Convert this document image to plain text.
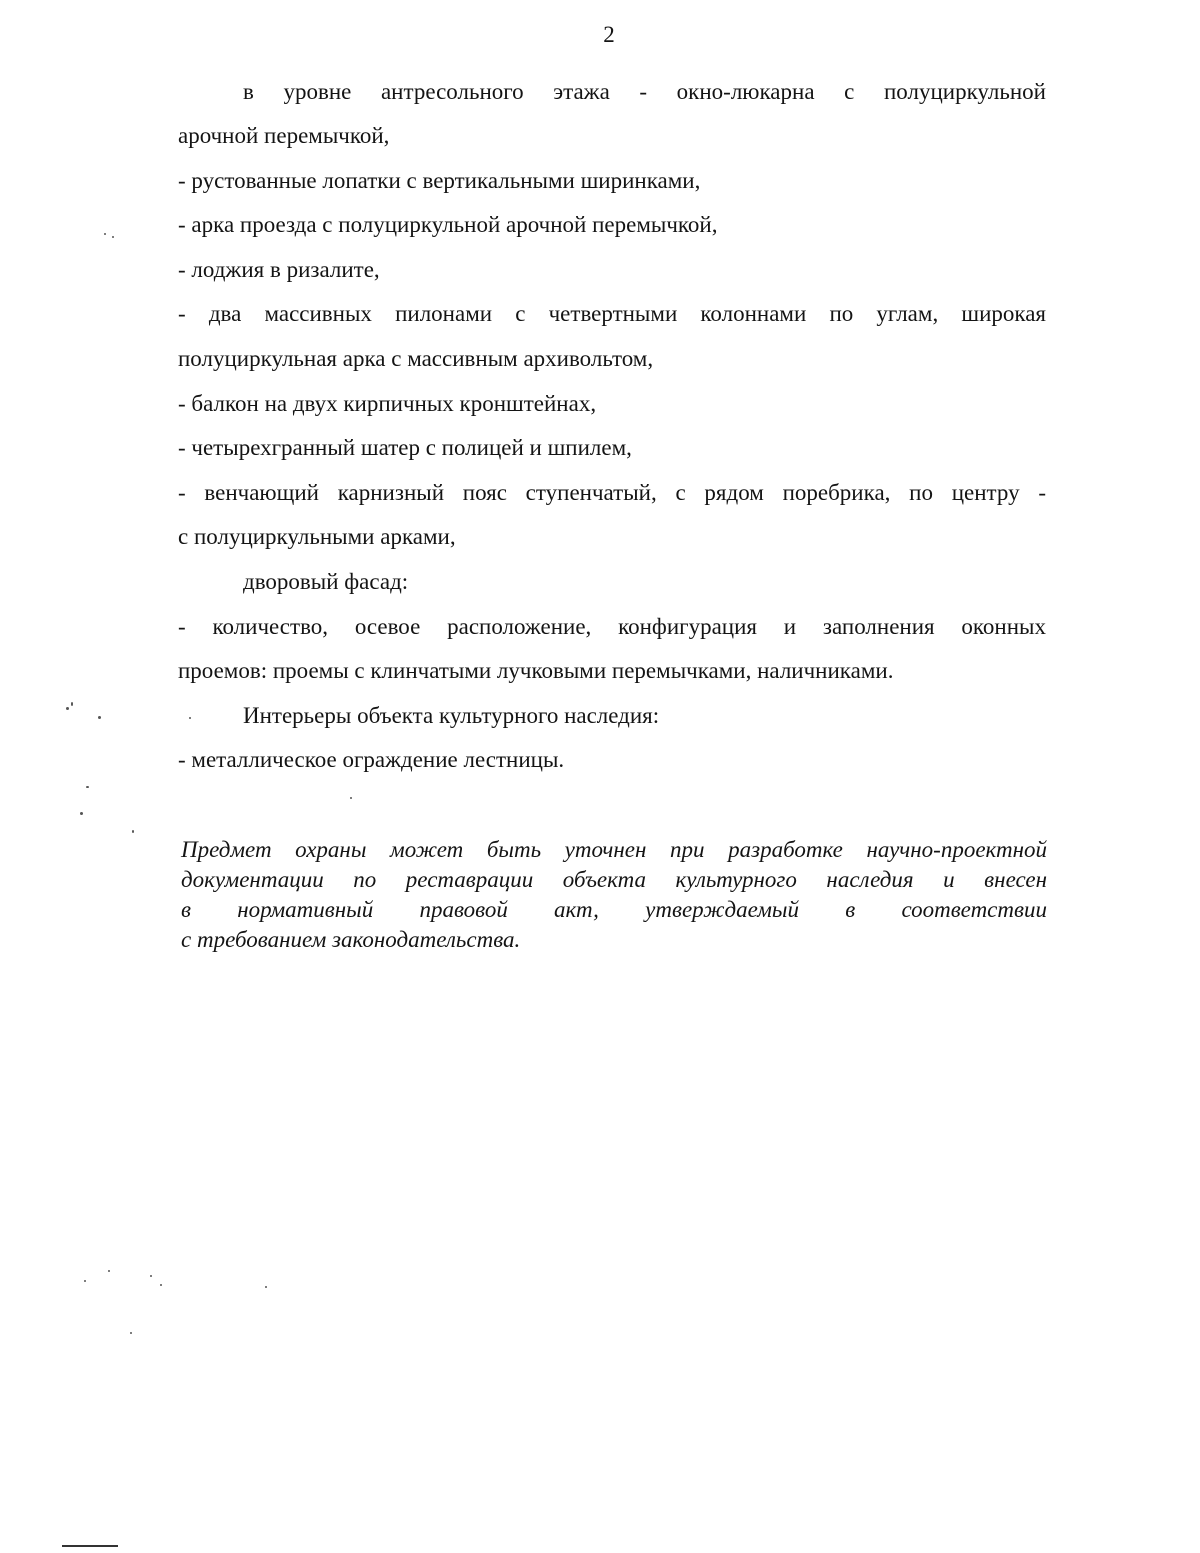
2
в уровне антресольного этажа - окно-люкарна с полуциркульной
арочной перемычкой,
- рустованные лопатки с вертикальными ширинками,
- арка проезда с полуциркульной арочной перемычкой,
- лоджия в ризалите,
- два массивных пилонами с четвертными колоннами по углам, широкая
полуциркульная арка с массивным архивольтом,
- балкон на двух кирпичных кронштейнах,
- четырехгранный шатер с полицей и шпилем,
- венчающий карнизный пояс ступенчатый, с рядом поребрика, по центру -
с полуциркульными арками,
дворовый фасад:
- количество, осевое расположение, конфигурация и заполнения оконных
проемов: проемы с клинчатыми лучковыми перемычками, наличниками.
Интерьеры объекта культурного наследия:
- металлическое ограждение лестницы.
Предмет охраны может быть уточнен при разработке научно-проектной
документации по реставрации объекта культурного наследия и внесен
в нормативный правовой акт, утверждаемый в соответствии
с требованием законодательства.
